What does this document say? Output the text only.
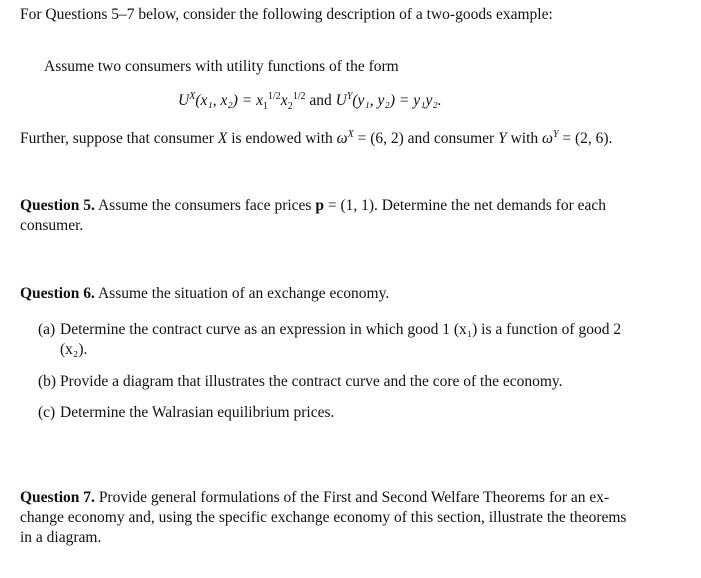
For Questions 5–7 below, consider the following description of a two-goods example:
Assume two consumers with utility functions of the form
$U^X(x_1$, $x_2) = x_1^{1/2}x_2^{1/2}$ and $U^Y(y_1$, y₂) = y₁y₂.
Further, suppose that consumer X is endowed with $\omega^X = (6$, 2) and consumer Y with $\omega^Y = (2$, 6).
Question 5. Assume the consumers face prices p = (1, 1). Determine the net demands for each
consumer.
Question 6. Assume the situation of an exchange economy.
(a) Determine the contract curve as an expression in which good 1 (x₁) is a function of good 2
(x₂).
(b) Provide a diagram that illustrates the contract curve and the core of the economy.
(c) Determine the Walrasian equilibrium prices.
Question 7. Provide general formulations of the First and Second Welfare Theorems for an ex-
change economy and, using the specific exchange economy of this section, illustrate the theorems
in a diagram.
